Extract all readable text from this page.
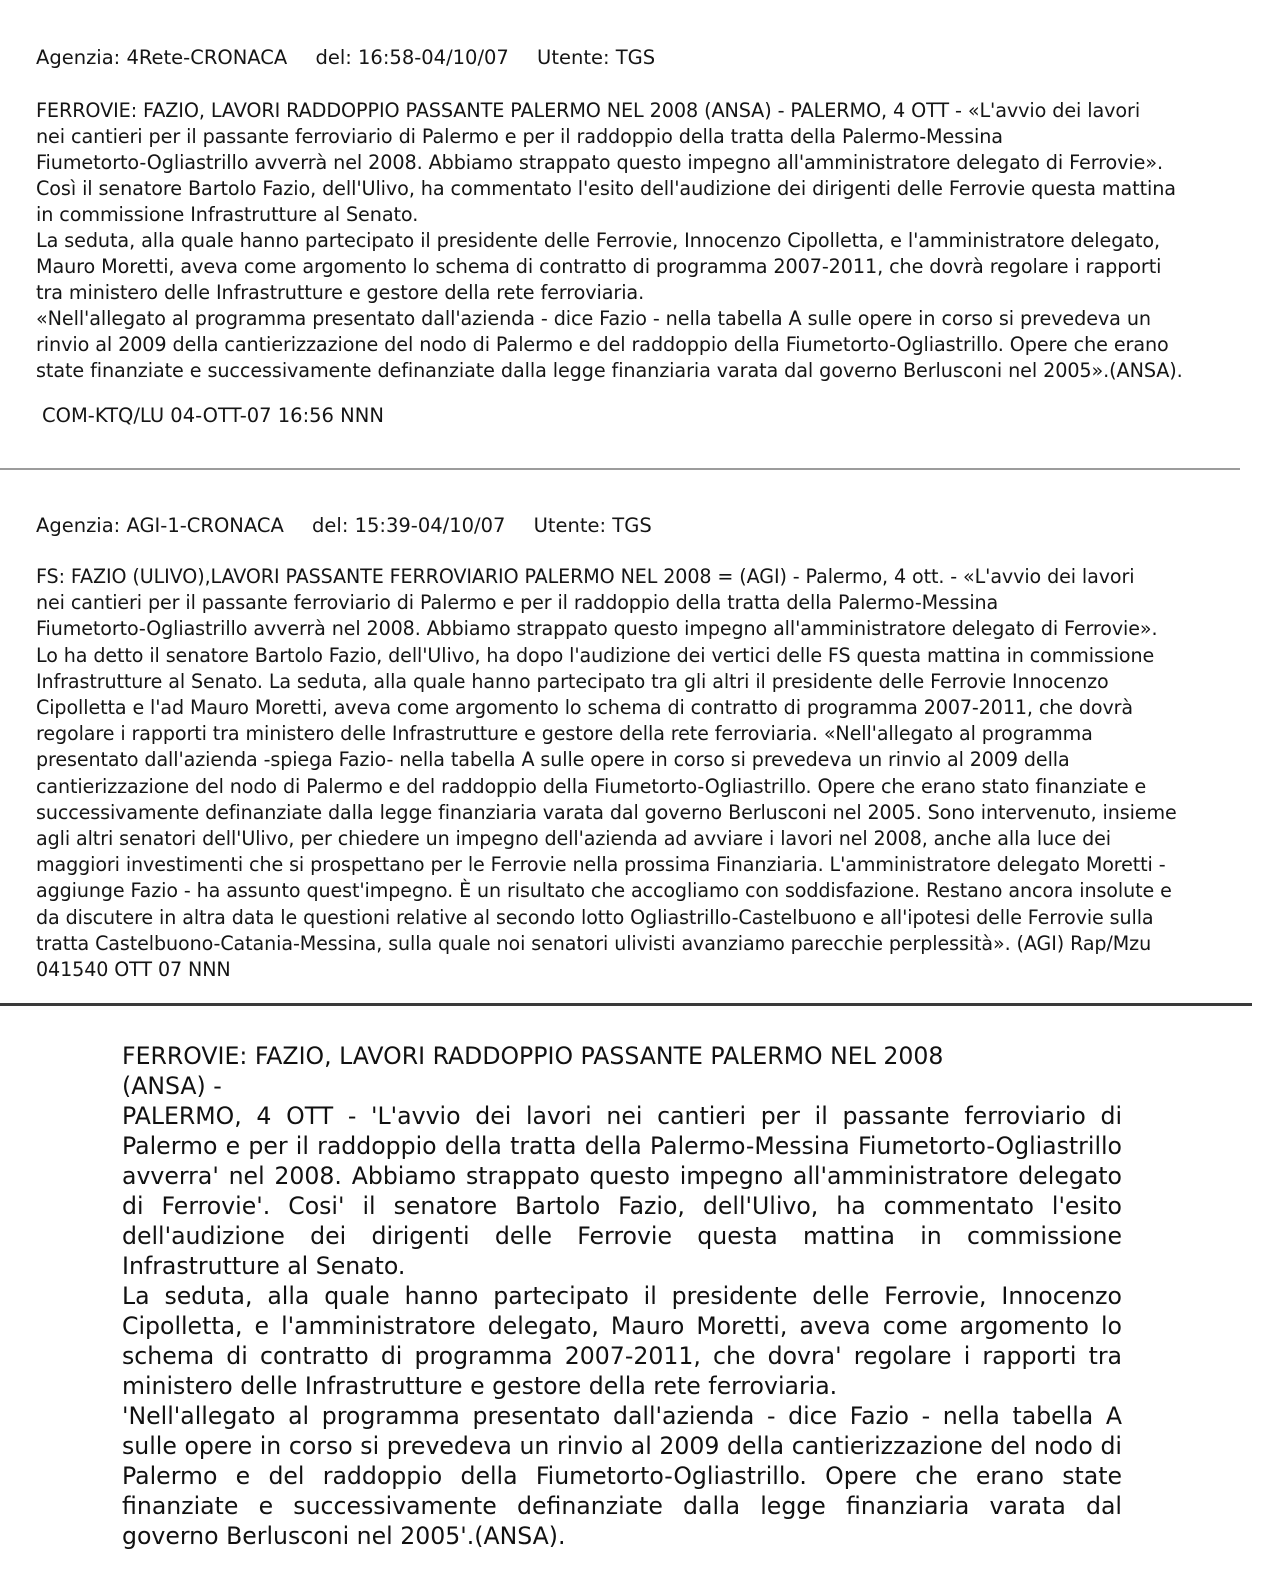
Agenzia: 4Rete-CRONACA del: 16:58-04/10/07 Utente: TGS
FERROVIE: FAZIO, LAVORI RADDOPPIO PASSANTE PALERMO NEL 2008 (ANSA) - PALERMO, 4 OTT - «L'avvio dei lavori
nei cantieri per il passante ferroviario di Palermo e per il raddoppio della tratta della Palermo-Messina
Fiumetorto-Ogliastrillo avverrà nel 2008. Abbiamo strappato questo impegno all'amministratore delegato di Ferrovie».
Così il senatore Bartolo Fazio, dell'Ulivo, ha commentato l'esito dell'audizione dei dirigenti delle Ferrovie questa mattina
in commissione Infrastrutture al Senato.
La seduta, alla quale hanno partecipato il presidente delle Ferrovie, Innocenzo Cipolletta, e l'amministratore delegato,
Mauro Moretti, aveva come argomento lo schema di contratto di programma 2007-2011, che dovrà regolare i rapporti
tra ministero delle Infrastrutture e gestore della rete ferroviaria.
«Nell'allegato al programma presentato dall'azienda - dice Fazio - nella tabella A sulle opere in corso si prevedeva un
rinvio al 2009 della cantierizzazione del nodo di Palermo e del raddoppio della Fiumetorto-Ogliastrillo. Opere che erano
state finanziate e successivamente definanziate dalla legge finanziaria varata dal governo Berlusconi nel 2005».(ANSA).
COM-KTQ/LU 04-OTT-07 16:56 NNN
Agenzia: AGI-1-CRONACA del: 15:39-04/10/07 Utente: TGS
FS: FAZIO (ULIVO),LAVORI PASSANTE FERROVIARIO PALERMO NEL 2008 = (AGI) - Palermo, 4 ott. - «L'avvio dei lavori
nei cantieri per il passante ferroviario di Palermo e per il raddoppio della tratta della Palermo-Messina
Fiumetorto-Ogliastrillo avverrà nel 2008. Abbiamo strappato questo impegno all'amministratore delegato di Ferrovie».
Lo ha detto il senatore Bartolo Fazio, dell'Ulivo, ha dopo l'audizione dei vertici delle FS questa mattina in commissione
Infrastrutture al Senato. La seduta, alla quale hanno partecipato tra gli altri il presidente delle Ferrovie Innocenzo
Cipolletta e l'ad Mauro Moretti, aveva come argomento lo schema di contratto di programma 2007-2011, che dovrà
regolare i rapporti tra ministero delle Infrastrutture e gestore della rete ferroviaria. «Nell'allegato al programma
presentato dall'azienda -spiega Fazio- nella tabella A sulle opere in corso si prevedeva un rinvio al 2009 della
cantierizzazione del nodo di Palermo e del raddoppio della Fiumetorto-Ogliastrillo. Opere che erano stato finanziate e
successivamente definanziate dalla legge finanziaria varata dal governo Berlusconi nel 2005. Sono intervenuto, insieme
agli altri senatori dell'Ulivo, per chiedere un impegno dell'azienda ad avviare i lavori nel 2008, anche alla luce dei
maggiori investimenti che si prospettano per le Ferrovie nella prossima Finanziaria. L'amministratore delegato Moretti -
aggiunge Fazio - ha assunto quest'impegno. È un risultato che accogliamo con soddisfazione. Restano ancora insolute e
da discutere in altra data le questioni relative al secondo lotto Ogliastrillo-Castelbuono e all'ipotesi delle Ferrovie sulla
tratta Castelbuono-Catania-Messina, sulla quale noi senatori ulivisti avanziamo parecchie perplessità». (AGI) Rap/Mzu
041540 OTT 07 NNN
FERROVIE: FAZIO, LAVORI RADDOPPIO PASSANTE PALERMO NEL 2008
(ANSA) -

PALERMO, 4 OTT - 'L'avvio dei lavori nei cantieri per il passante ferroviario di Palermo e per il raddoppio della tratta della Palermo-Messina Fiumetorto-Ogliastrillo avverra' nel 2008. Abbiamo strappato questo impegno all'amministratore delegato di Ferrovie'. Cosi' il senatore Bartolo Fazio, dell'Ulivo, ha commentato l'esito dell'audizione dei dirigenti delle Ferrovie questa mattina in commissione Infrastrutture al Senato.

La seduta, alla quale hanno partecipato il presidente delle Ferrovie, Innocenzo Cipolletta, e l'amministratore delegato, Mauro Moretti, aveva come argomento lo schema di contratto di programma 2007-2011, che dovra' regolare i rapporti tra ministero delle Infrastrutture e gestore della rete ferroviaria.

'Nell'allegato al programma presentato dall'azienda - dice Fazio - nella tabella A sulle opere in corso si prevedeva un rinvio al 2009 della cantierizzazione del nodo di Palermo e del raddoppio della Fiumetorto-Ogliastrillo. Opere che erano state finanziate e successivamente definanziate dalla legge finanziaria varata dal governo Berlusconi nel 2005'.(ANSA).
